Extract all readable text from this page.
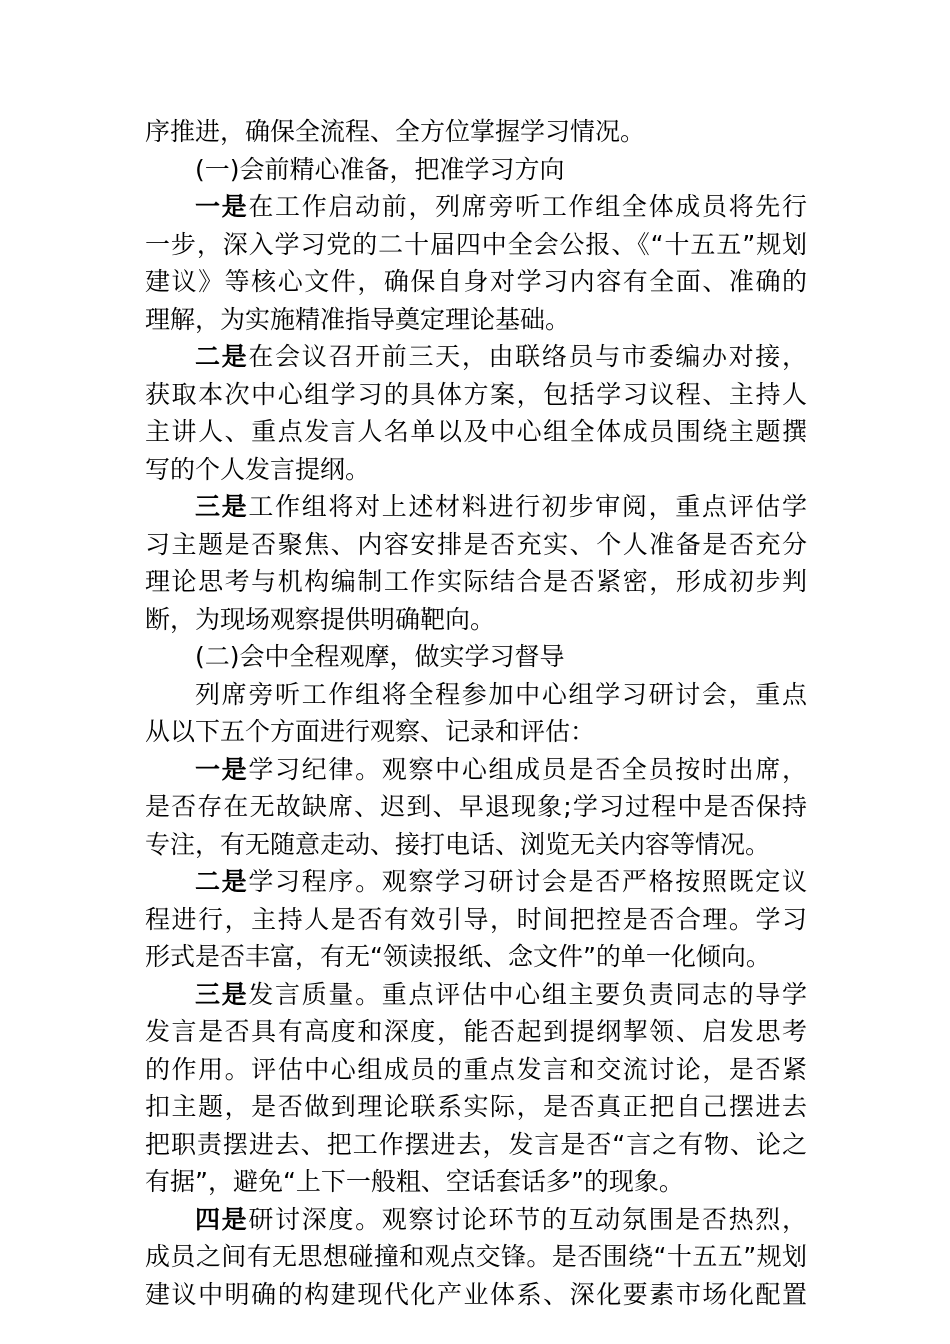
序推进，确保全流程、全方位掌握学习情况。
(一)会前精心准备，把准学习方向
一是在工作启动前，列席旁听工作组全体成员将先行
一步，深入学习党的二十届四中全会公报、《“十五五”规划
建议》等核心文件，确保自身对学习内容有全面、准确的
理解，为实施精准指导奠定理论基础。
二是在会议召开前三天，由联络员与市委编办对接，
获取本次中心组学习的具体方案，包括学习议程、主持人
主讲人、重点发言人名单以及中心组全体成员围绕主题撰
写的个人发言提纲。
三是工作组将对上述材料进行初步审阅，重点评估学
习主题是否聚焦、内容安排是否充实、个人准备是否充分
理论思考与机构编制工作实际结合是否紧密，形成初步判
断，为现场观察提供明确靶向。
(二)会中全程观摩，做实学习督导
列席旁听工作组将全程参加中心组学习研讨会，重点
从以下五个方面进行观察、记录和评估：
一是学习纪律。观察中心组成员是否全员按时出席，
是否存在无故缺席、迟到、早退现象;学习过程中是否保持
专注，有无随意走动、接打电话、浏览无关内容等情况。
二是学习程序。观察学习研讨会是否严格按照既定议
程进行，主持人是否有效引导，时间把控是否合理。学习
形式是否丰富，有无“领读报纸、念文件”的单一化倾向。
三是发言质量。重点评估中心组主要负责同志的导学
发言是否具有高度和深度，能否起到提纲挈领、启发思考
的作用。评估中心组成员的重点发言和交流讨论，是否紧
扣主题，是否做到理论联系实际，是否真正把自己摆进去
把职责摆进去、把工作摆进去，发言是否“言之有物、论之
有据”，避免“上下一般粗、空话套话多”的现象。
四是研讨深度。观察讨论环节的互动氛围是否热烈，
成员之间有无思想碰撞和观点交锋。是否围绕“十五五”规划
建议中明确的构建现代化产业体系、深化要素市场化配置
